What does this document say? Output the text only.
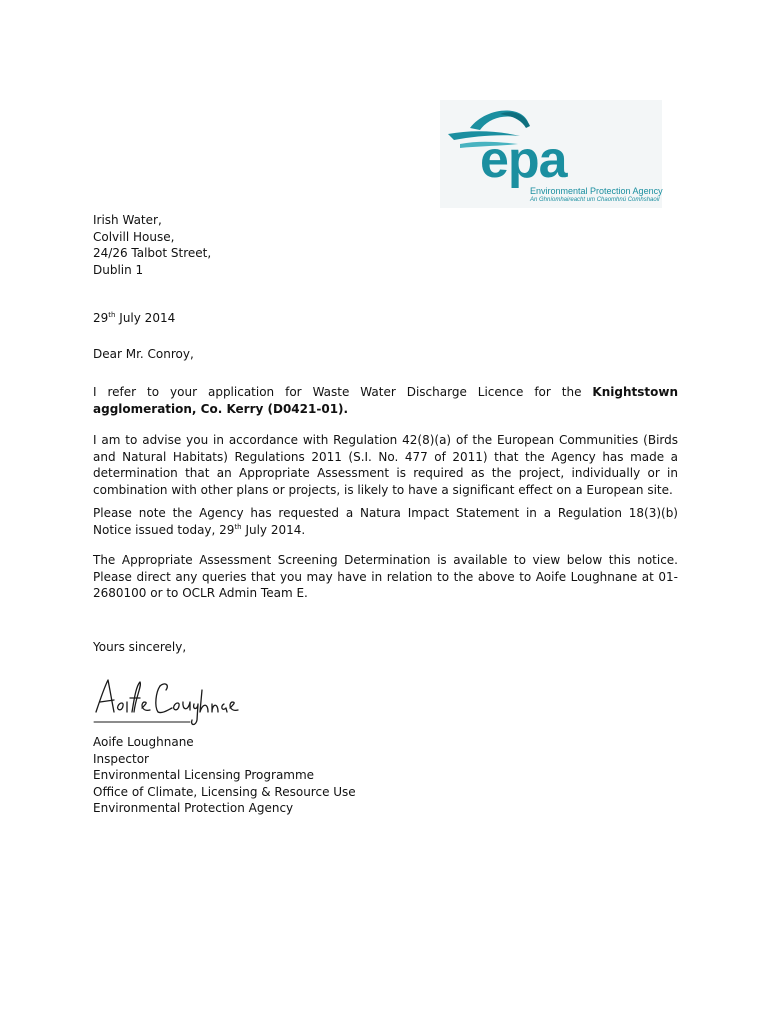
epa
Environmental Protection Agency
An Ghníomhaireacht um Chaomhnú Comhshaoil
Irish Water,
Colvill House,
24/26 Talbot Street,
Dublin 1
29th July 2014
Dear Mr. Conroy,
I refer to your application for Waste Water Discharge Licence for the Knightstown agglomeration, Co. Kerry (D0421-01).
I am to advise you in accordance with Regulation 42(8)(a) of the European Communities (Birds and Natural Habitats) Regulations 2011 (S.I. No. 477 of 2011) that the Agency has made a determination that an Appropriate Assessment is required as the project, individually or in combination with other plans or projects, is likely to have a significant effect on a European site.
Please note the Agency has requested a Natura Impact Statement in a Regulation 18(3)(b) Notice issued today, 29th July 2014.
The Appropriate Assessment Screening Determination is available to view below this notice. Please direct any queries that you may have in relation to the above to Aoife Loughnane at 01-2680100 or to OCLR Admin Team E.
Yours sincerely,
Aoife Loughnane
Inspector
Environmental Licensing Programme
Office of Climate, Licensing & Resource Use
Environmental Protection Agency
